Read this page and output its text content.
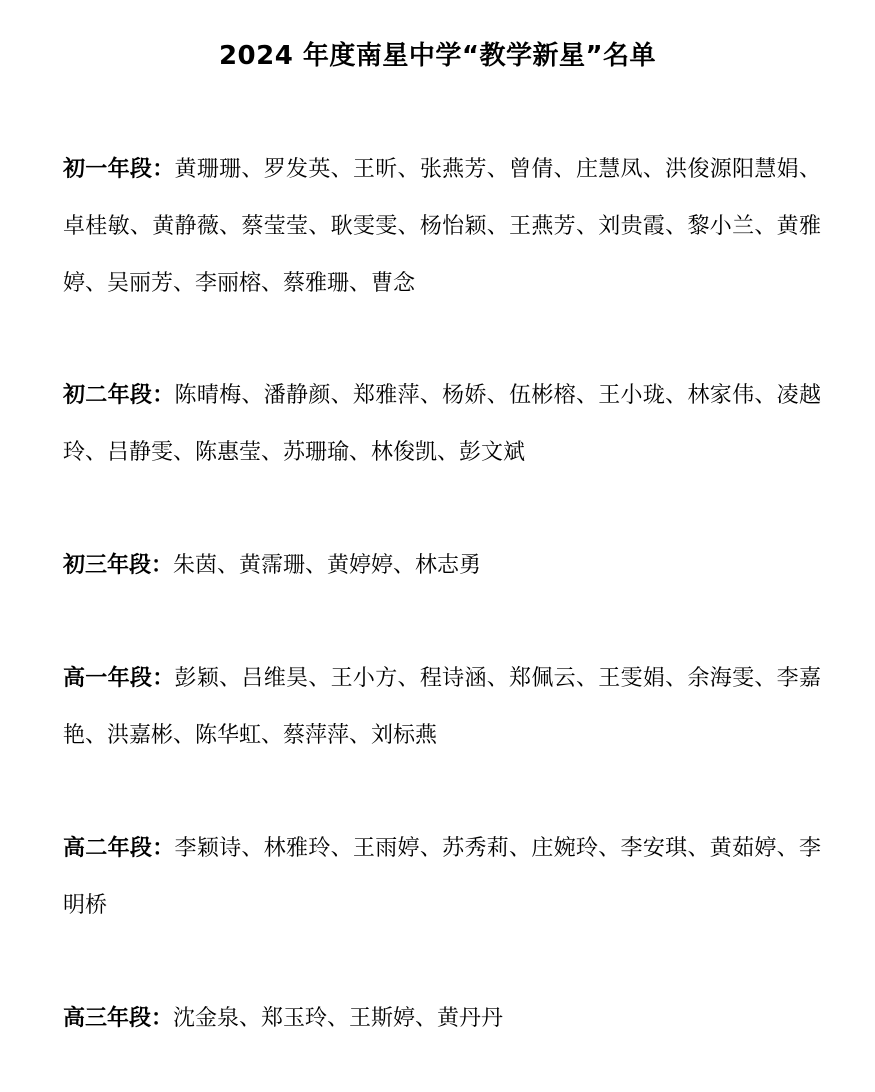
2024 年度南星中学“教学新星”名单
初一年段：黄珊珊、罗发英、王昕、张燕芳、曾倩、庄慧凤、洪俊源阳慧娟、卓桂敏、黄静薇、蔡莹莹、耿雯雯、杨怡颖、王燕芳、刘贵霞、黎小兰、黄雅婷、吴丽芳、李丽榕、蔡雅珊、曹念
初二年段：陈晴梅、潘静颜、郑雅萍、杨娇、伍彬榕、王小珑、林家伟、凌越玲、吕静雯、陈惠莹、苏珊瑜、林俊凯、彭文斌
初三年段：朱茵、黄霈珊、黄婷婷、林志勇
高一年段：彭颖、吕维昊、王小方、程诗涵、郑佩云、王雯娟、余海雯、李嘉艳、洪嘉彬、陈华虹、蔡萍萍、刘标燕
高二年段：李颖诗、林雅玲、王雨婷、苏秀莉、庄婉玲、李安琪、黄茹婷、李明桥
高三年段：沈金泉、郑玉玲、王斯婷、黄丹丹
